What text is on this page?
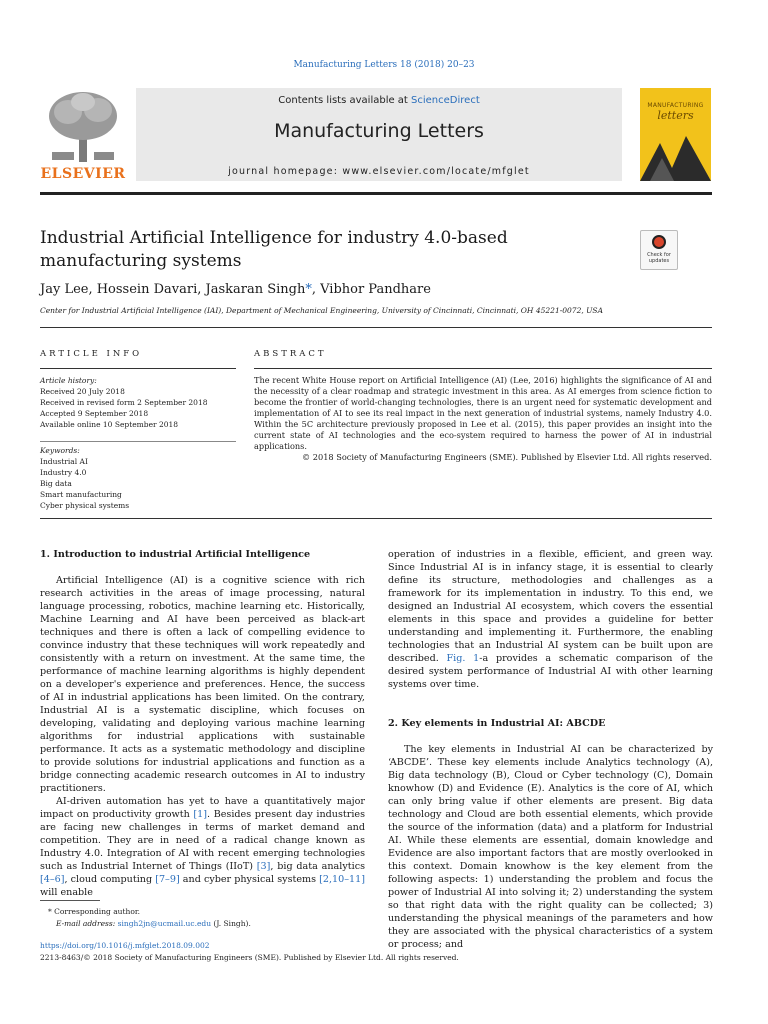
Manufacturing Letters 18 (2018) 20–23
ELSEVIER
Contents lists available at ScienceDirect
Manufacturing Letters
journal homepage: www.elsevier.com/locate/mfglet
MANUFACTURING
letters
Industrial Artificial Intelligence for industry 4.0-based manufacturing systems	Check for updates
Jay Lee, Hossein Davari, Jaskaran Singh*, Vibhor Pandhare
Center for Industrial Artificial Intelligence (IAI), Department of Mechanical Engineering, University of Cincinnati, Cincinnati, OH 45221-0072, USA
ARTICLE INFO	ABSTRACT
Article history:
Received 20 July 2018
Received in revised form 2 September 2018
Accepted 9 September 2018
Available online 10 September 2018
Keywords:
Industrial AI
Industry 4.0
Big data
Smart manufacturing
Cyber physical systems
The recent White House report on Artificial Intelligence (AI) (Lee, 2016) highlights the significance of AI and the necessity of a clear roadmap and strategic investment in this area. As AI emerges from science fiction to become the frontier of world-changing technologies, there is an urgent need for systematic development and implementation of AI to see its real impact in the next generation of industrial systems, namely Industry 4.0. Within the 5C architecture previously proposed in Lee et al. (2015), this paper provides an insight into the current state of AI technologies and the eco-system required to harness the power of AI in industrial applications.
© 2018 Society of Manufacturing Engineers (SME). Published by Elsevier Ltd. All rights reserved.
1. Introduction to industrial Artificial Intelligence

Artificial Intelligence (AI) is a cognitive science with rich research activities in the areas of image processing, natural language processing, robotics, machine learning etc. Historically, Machine Learning and AI have been perceived as black-art techniques and there is often a lack of compelling evidence to convince industry that these techniques will work repeatedly and consistently with a return on investment. At the same time, the performance of machine learning algorithms is highly dependent on a developer's experience and preferences. Hence, the success of AI in industrial applications has been limited. On the contrary, Industrial AI is a systematic discipline, which focuses on developing, validating and deploying various machine learning algorithms for industrial applications with sustainable performance. It acts as a systematic methodology and discipline to provide solutions for industrial applications and function as a bridge connecting academic research outcomes in AI to industry practitioners.

AI-driven automation has yet to have a quantitatively major impact on productivity growth [1]. Besides present day industries are facing new challenges in terms of market demand and competition. They are in need of a radical change known as Industry 4.0. Integration of AI with recent emerging technologies such as Industrial Internet of Things (IIoT) [3], big data analytics [4–6], cloud computing [7–9] and cyber physical systems [2,10–11] will enable

operation of industries in a flexible, efficient, and green way. Since Industrial AI is in infancy stage, it is essential to clearly define its structure, methodologies and challenges as a framework for its implementation in industry. To this end, we designed an Industrial AI ecosystem, which covers the essential elements in this space and provides a guideline for better understanding and implementing it. Furthermore, the enabling technologies that an Industrial AI system can be built upon are described. Fig. 1-a provides a schematic comparison of the desired system performance of Industrial AI with other learning systems over time.

2. Key elements in Industrial AI: ABCDE

The key elements in Industrial AI can be characterized by ‘ABCDE’. These key elements include Analytics technology (A), Big data technology (B), Cloud or Cyber technology (C), Domain knowhow (D) and Evidence (E). Analytics is the core of AI, which can only bring value if other elements are present. Big data technology and Cloud are both essential elements, which provide the source of the information (data) and a platform for Industrial AI. While these elements are essential, domain knowledge and Evidence are also important factors that are mostly overlooked in this context. Domain knowhow is the key element from the following aspects: 1) understanding the problem and focus the power of Industrial AI into solving it; 2) understanding the system so that right data with the right quality can be collected; 3) understanding the physical meanings of the parameters and how they are associated with the physical characteristics of a system or process; and

* Corresponding author.
E-mail address: singh2jn@ucmail.uc.edu (J. Singh).
https://doi.org/10.1016/j.mfglet.2018.09.002
2213-8463/© 2018 Society of Manufacturing Engineers (SME). Published by Elsevier Ltd. All rights reserved.
